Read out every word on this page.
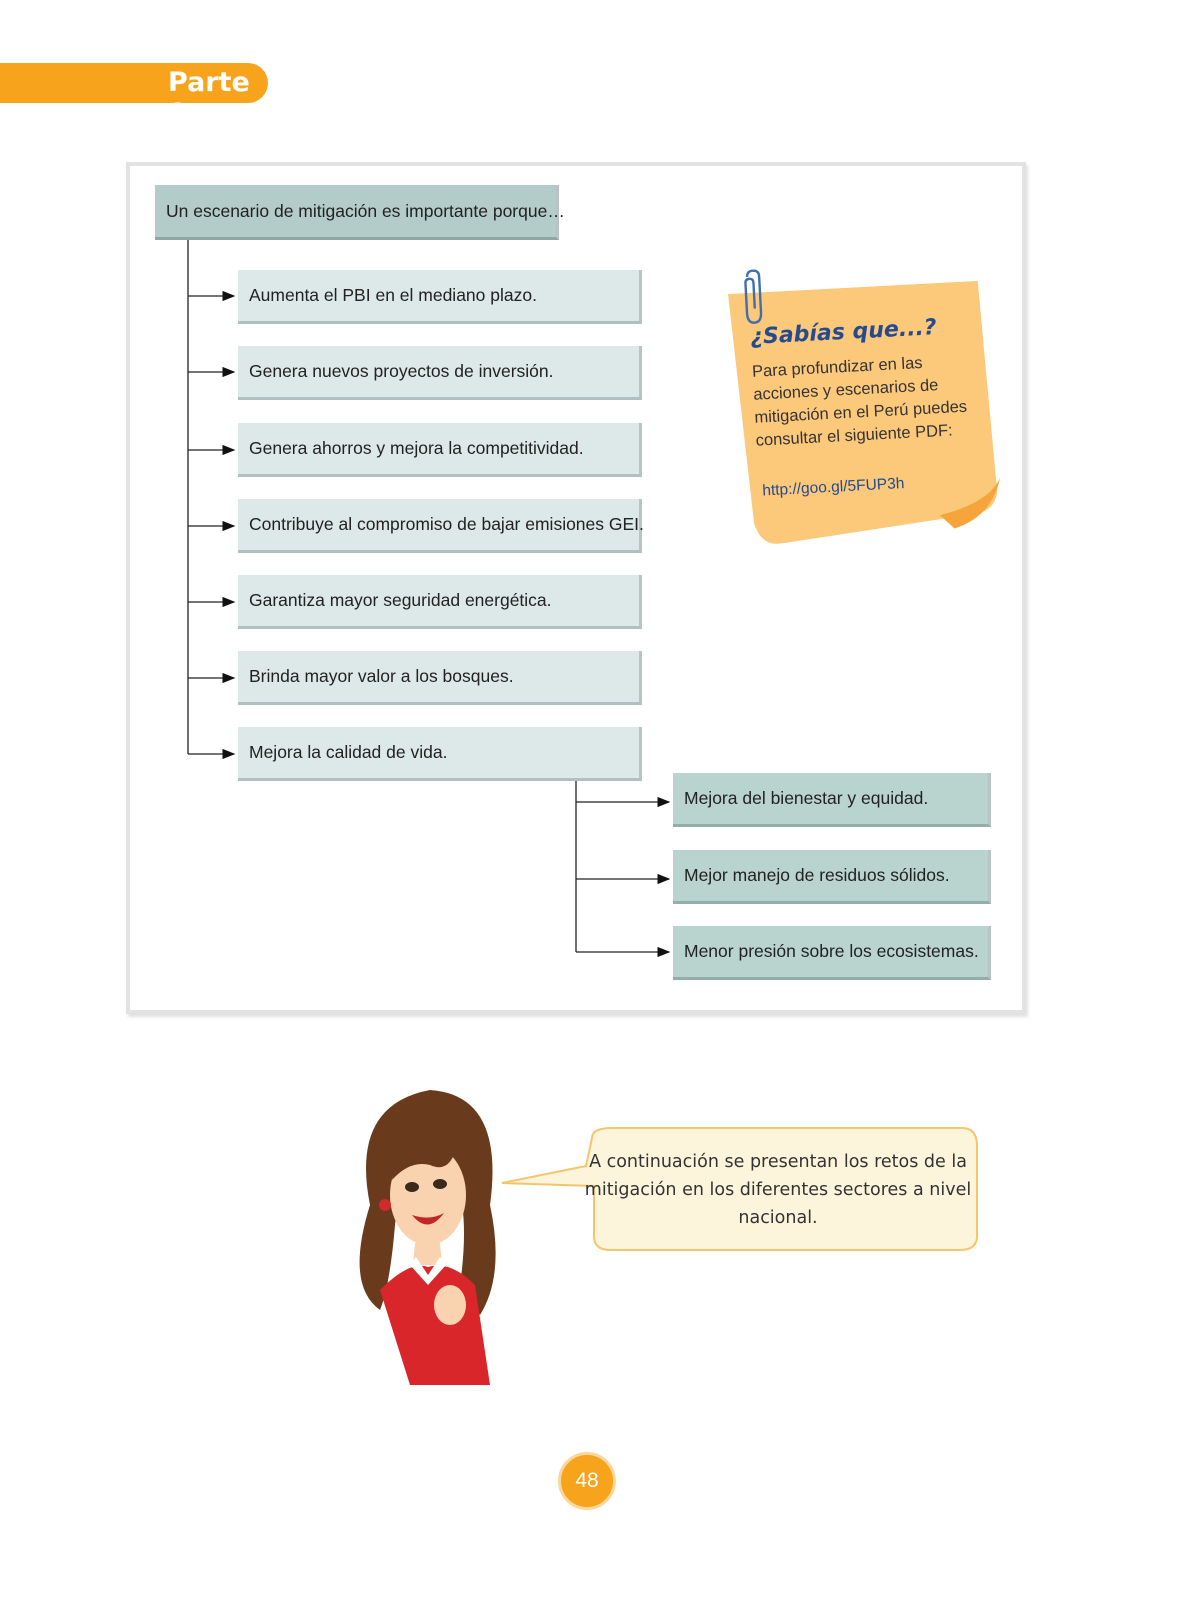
Parte 1
Un escenario de mitigación es importante porque…
Aumenta el PBI en el mediano plazo.
Genera nuevos proyectos de inversión.
Genera ahorros y mejora la competitividad.
Contribuye al compromiso de bajar emisiones GEI.
Garantiza mayor seguridad energética.
Brinda mayor valor a los bosques.
Mejora la calidad de vida.
Mejora del bienestar y equidad.
Mejor manejo de residuos sólidos.
Menor presión sobre los ecosistemas.
¿Sabías que...?
Para profundizar en las acciones y escenarios de mitigación en el Perú puedes consultar el siguiente PDF:
http://goo.gl/5FUP3h
A continuación se presentan los retos de la mitigación en los diferentes sectores a nivel nacional.
48
